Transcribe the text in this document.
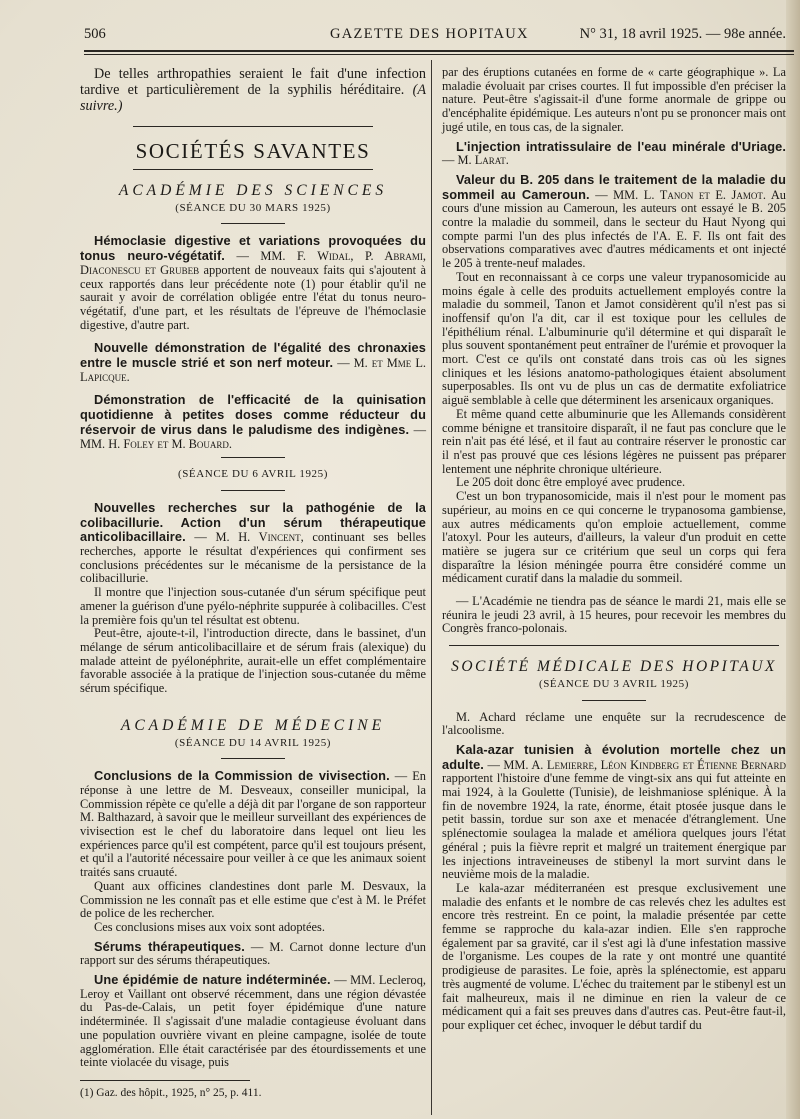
506	GAZETTE DES HOPITAUX	N° 31, 18 avril 1925. — 98e année.

De telles arthropathies seraient le fait d'une infection tardive et particulièrement de la syphilis héréditaire. (A suivre.)

SOCIÉTÉS SAVANTES
ACADÉMIE DES SCIENCES
(SÉANCE DU 30 MARS 1925)

Hémoclasie digestive et variations provoquées du tonus neuro-végétatif. — MM. F. Widal, P. Abrami, Diaconescu et Grubeb apportent de nouveaux faits qui s'ajoutent à ceux rapportés dans leur précédente note (1) pour établir qu'il ne saurait y avoir de corrélation obligée entre l'état du tonus neuro-végétatif, d'une part, et les résultats de l'épreuve de l'hémoclasie digestive, d'autre part.

Nouvelle démonstration de l'égalité des chronaxies entre le muscle strié et son nerf moteur. — M. et Mme L. Lapicque.

Démonstration de l'efficacité de la quinisation quotidienne à petites doses comme réducteur du réservoir de virus dans le paludisme des indigènes. — MM. H. Foley et M. Bouard.

(SÉANCE DU 6 AVRIL 1925)

Nouvelles recherches sur la pathogénie de la colibacillurie. Action d'un sérum thérapeutique anticolibacillaire. — M. H. Vincent, continuant ses belles recherches, apporte le résultat d'expériences qui confirment ses conclusions précédentes sur le mécanisme de la persistance de la colibacillurie.

Il montre que l'injection sous-cutanée d'un sérum spécifique peut amener la guérison d'une pyélo-néphrite suppurée à colibacilles. C'est la première fois qu'un tel résultat est obtenu.

Peut-être, ajoute-t-il, l'introduction directe, dans le bassinet, d'un mélange de sérum anticolibacillaire et de sérum frais (alexique) du malade atteint de pyélonéphrite, aurait-elle un effet complémentaire favorable associée à la pratique de l'injection sous-cutanée du même sérum spécifique.

ACADÉMIE DE MÉDECINE
(SÉANCE DU 14 AVRIL 1925)

Conclusions de la Commission de vivisection. — En réponse à une lettre de M. Desveaux, conseiller municipal, la Commission répète ce qu'elle a déjà dit par l'organe de son rapporteur M. Balthazard, à savoir que le meilleur surveillant des expériences de vivisection est le chef du laboratoire dans lequel ont lieu les expériences parce qu'il est compétent, parce qu'il est toujours présent, et qu'il a l'autorité nécessaire pour veiller à ce que les animaux soient traités sans cruauté.

Quant aux officines clandestines dont parle M. Desvaux, la Commission ne les connaît pas et elle estime que c'est à M. le Préfet de police de les rechercher.

Ces conclusions mises aux voix sont adoptées.

Sérums thérapeutiques. — M. Carnot donne lecture d'un rapport sur des sérums thérapeutiques.

Une épidémie de nature indéterminée. — MM. Lecleroq, Leroy et Vaillant ont observé récemment, dans une région dévastée du Pas-de-Calais, un petit foyer épidémique d'une nature indéterminée. Il s'agissait d'une maladie contagieuse évoluant dans une population ouvrière vivant en pleine campagne, isolée de toute agglomération. Elle était caractérisée par des étourdissements et une teinte violacée du visage, puis

(1) Gaz. des hôpit., 1925, n° 25, p. 411.

par des éruptions cutanées en forme de « carte géographique ». La maladie évoluait par crises courtes. Il fut impossible d'en préciser la nature. Peut-être s'agissait-il d'une forme anormale de grippe ou d'encéphalite épidémique. Les auteurs n'ont pu se prononcer mais ont jugé utile, en tous cas, de la signaler.

L'injection intratissulaire de l'eau minérale d'Uriage. — M. Larat.

Valeur du B. 205 dans le traitement de la maladie du sommeil au Cameroun. — MM. L. Tanon et E. Jamot. Au cours d'une mission au Cameroun, les auteurs ont essayé le B. 205 contre la maladie du sommeil, dans le secteur du Haut Nyong qui compte parmi l'un des plus infectés de l'A. E. F. Ils ont fait des observations comparatives avec d'autres médicaments et ont injecté le 205 à trente-neuf malades.

Tout en reconnaissant à ce corps une valeur trypanosomicide au moins égale à celle des produits actuellement employés contre la maladie du sommeil, Tanon et Jamot considèrent qu'il n'est pas si inoffensif qu'on l'a dit, car il est toxique pour les cellules de l'épithélium rénal. L'albuminurie qu'il détermine et qui disparaît le plus souvent spontanément peut entraîner de l'urémie et provoquer la mort. C'est ce qu'ils ont constaté dans trois cas où les signes cliniques et les lésions anatomo-pathologiques étaient absolument superposables. Ils ont vu de plus un cas de dermatite exfoliatrice aiguë semblable à celle que déterminent les arsenicaux organiques.

Et même quand cette albuminurie que les Allemands considèrent comme bénigne et transitoire disparaît, il ne faut pas conclure que le rein n'ait pas été lésé, et il faut au contraire réserver le pronostic car il n'est pas prouvé que ces lésions légères ne puissent pas préparer lentement une néphrite chronique ultérieure.

Le 205 doit donc être employé avec prudence.

C'est un bon trypanosomicide, mais il n'est pour le moment pas supérieur, au moins en ce qui concerne le trypanosoma gambiense, aux autres médicaments qu'on emploie actuellement, comme l'atoxyl. Pour les auteurs, d'ailleurs, la valeur d'un produit en cette matière se jugera sur ce critérium que seul un corps qui fera disparaître la lésion méningée pourra être considéré comme un médicament curatif dans la maladie du sommeil.

— L'Académie ne tiendra pas de séance le mardi 21, mais elle se réunira le jeudi 23 avril, à 15 heures, pour recevoir les membres du Congrès franco-polonais.

SOCIÉTÉ MÉDICALE DES HOPITAUX
(SÉANCE DU 3 AVRIL 1925)

M. Achard réclame une enquête sur la recrudescence de l'alcoolisme.

Kala-azar tunisien à évolution mortelle chez un adulte. — MM. A. Lemierre, Léon Kindberg et Étienne Bernard rapportent l'histoire d'une femme de vingt-six ans qui fut atteinte en mai 1924, à la Goulette (Tunisie), de leishmaniose splénique. À la fin de novembre 1924, la rate, énorme, était ptosée jusque dans le petit bassin, tordue sur son axe et menacée d'étranglement. Une splénectomie soulagea la malade et améliora quelques jours l'état général ; puis la fièvre reprit et malgré un traitement énergique par les injections intraveineuses de stibenyl la mort survint dans le neuvième mois de la maladie.

Le kala-azar méditerranéen est presque exclusivement une maladie des enfants et le nombre de cas relevés chez les adultes est encore très restreint. En ce point, la maladie présentée par cette femme se rapproche du kala-azar indien. Elle s'en rapproche également par sa gravité, car il s'est agi là d'une infestation massive de l'organisme. Les coupes de la rate y ont montré une quantité prodigieuse de parasites. Le foie, après la splénectomie, est apparu très augmenté de volume. L'échec du traitement par le stibenyl est un fait malheureux, mais il ne diminue en rien la valeur de ce médicament qui a fait ses preuves dans d'autres cas. Peut-être faut-il, pour expliquer cet échec, invoquer le début tardif du
